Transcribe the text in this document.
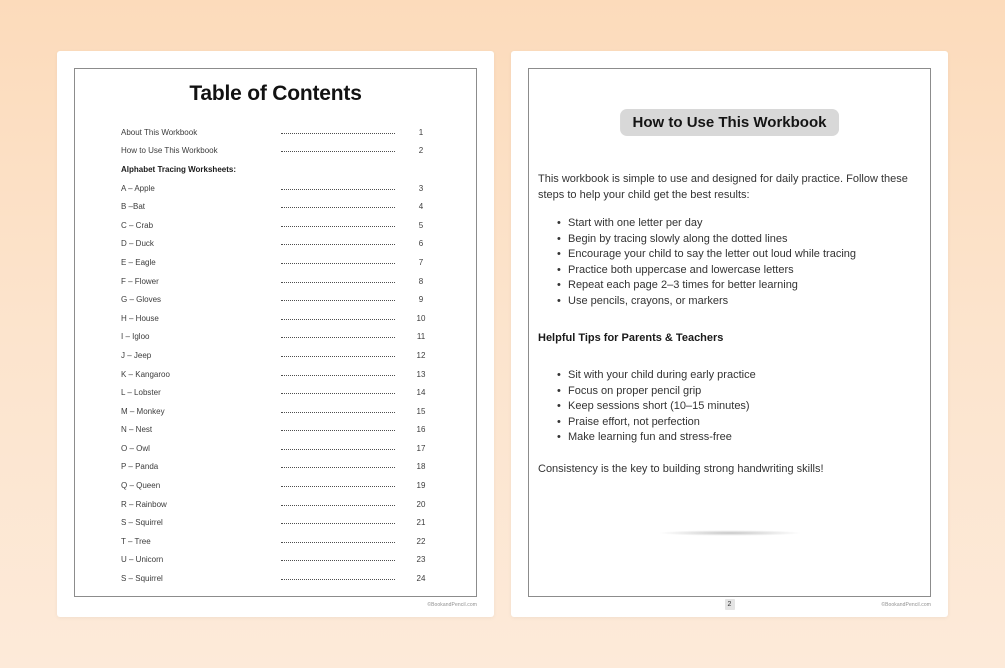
Table of Contents
About This Workbook	1
How to Use This Workbook	2
Alphabet Tracing Worksheets:
A – Apple	3
B –Bat	4
C – Crab	5
D – Duck	6
E – Eagle	7
F – Flower	8
G – Gloves	9
H – House	10
I – Igloo	11
J – Jeep	12
K – Kangaroo	13
L – Lobster	14
M – Monkey	15
N – Nest	16
O – Owl	17
P – Panda	18
Q – Queen	19
R – Rainbow	20
S – Squirrel	21
T – Tree	22
U – Unicorn	23
S – Squirrel	24
©BookandPencil.com
How to Use This Workbook

This workbook is simple to use and designed for daily practice. Follow these steps to help your child get the best results:

• Start with one letter per day
• Begin by tracing slowly along the dotted lines
• Encourage your child to say the letter out loud while tracing
• Practice both uppercase and lowercase letters
• Repeat each page 2–3 times for better learning
• Use pencils, crayons, or markers
Helpful Tips for Parents & Teachers
• Sit with your child during early practice
• Focus on proper pencil grip
• Keep sessions short (10–15 minutes)
• Praise effort, not perfection
• Make learning fun and stress-free

Consistency is the key to building strong handwriting skills!

2	©BookandPencil.com
